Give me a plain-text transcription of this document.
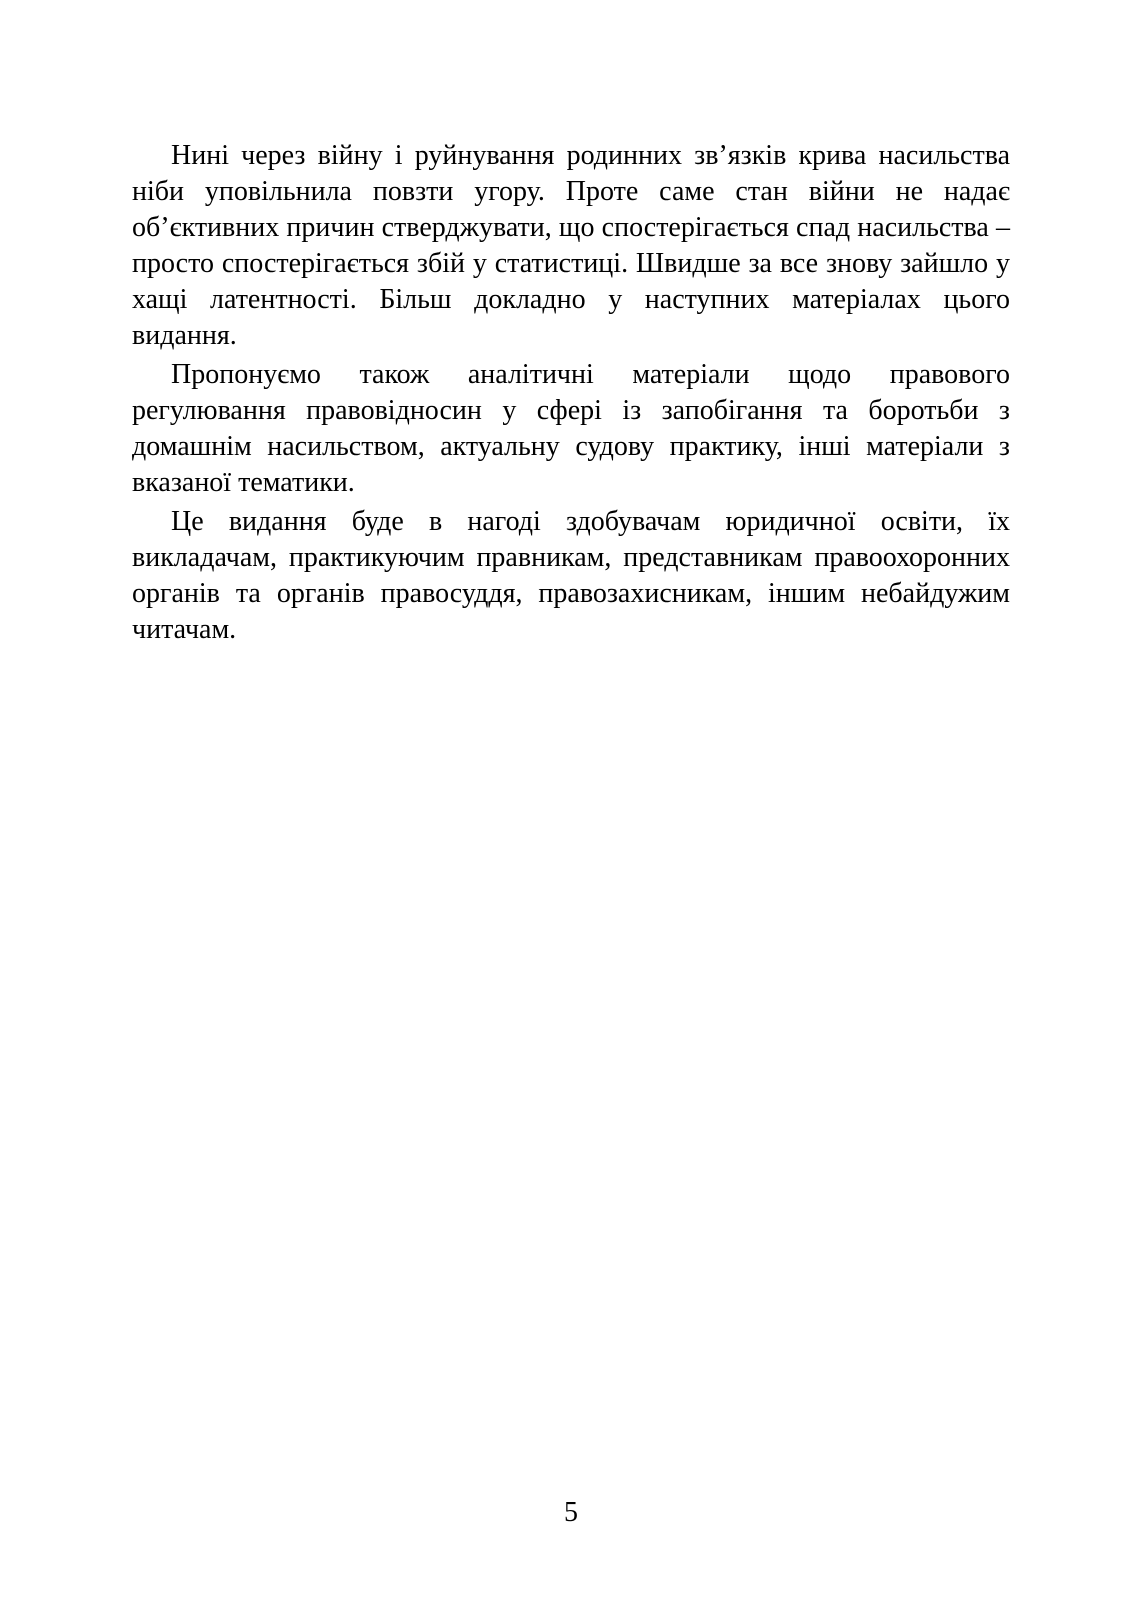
Нині через війну і руйнування родинних зв’язків крива насильства ніби уповільнила повзти угору. Проте саме стан війни не надає об’єктивних причин стверджувати, що спостерігається спад насильства – просто спостерігається збій у статистиці. Швидше за все знову зайшло у хащі латентності. Більш докладно у наступних матеріалах цього видання.

Пропонуємо також аналітичні матеріали щодо правового регулювання правовідносин у сфері із запобігання та боротьби з домашнім насильством, актуальну судову практику, інші матеріали з вказаної тематики.

Це видання буде в нагоді здобувачам юридичної освіти, їх викладачам, практикуючим правникам, представникам правоохоронних органів та органів правосуддя, правозахисникам, іншим небайдужим читачам.

5
